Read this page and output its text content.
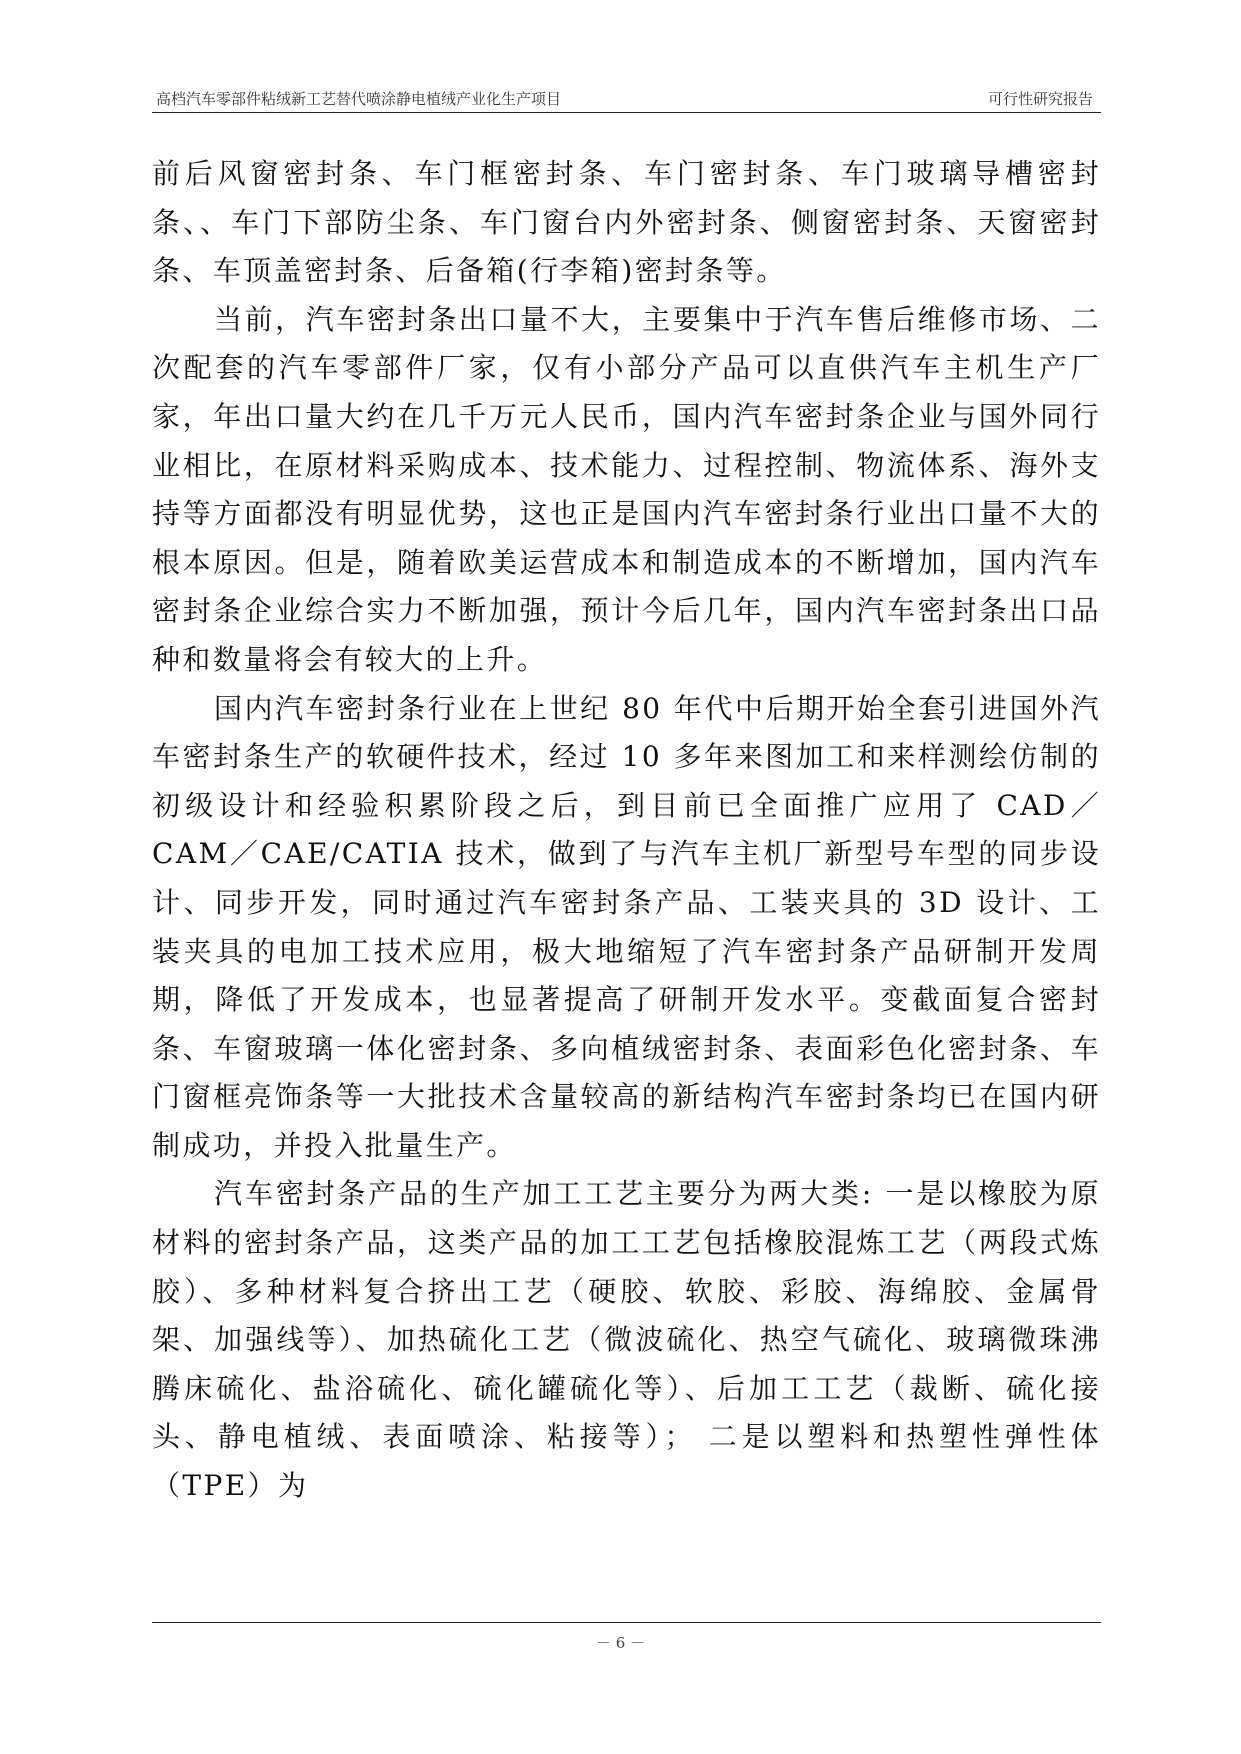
高档汽车零部件粘绒新工艺替代喷涂静电植绒产业化生产项目	可行性研究报告

前后风窗密封条、车门框密封条、车门密封条、车门玻璃导槽密封条、、车门下部防尘条、车门窗台内外密封条、侧窗密封条、天窗密封条、车顶盖密封条、后备箱(行李箱)密封条等。

当前，汽车密封条出口量不大，主要集中于汽车售后维修市场、二次配套的汽车零部件厂家，仅有小部分产品可以直供汽车主机生产厂家，年出口量大约在几千万元人民币，国内汽车密封条企业与国外同行业相比，在原材料采购成本、技术能力、过程控制、物流体系、海外支持等方面都没有明显优势，这也正是国内汽车密封条行业出口量不大的根本原因。但是，随着欧美运营成本和制造成本的不断增加，国内汽车密封条企业综合实力不断加强，预计今后几年，国内汽车密封条出口品种和数量将会有较大的上升。

国内汽车密封条行业在上世纪 80 年代中后期开始全套引进国外汽车密封条生产的软硬件技术，经过 10 多年来图加工和来样测绘仿制的初级设计和经验积累阶段之后，到目前已全面推广应用了 CAD／CAM／CAE/CATIA 技术，做到了与汽车主机厂新型号车型的同步设计、同步开发，同时通过汽车密封条产品、工装夹具的 3D 设计、工装夹具的电加工技术应用，极大地缩短了汽车密封条产品研制开发周期，降低了开发成本，也显著提高了研制开发水平。变截面复合密封条、车窗玻璃一体化密封条、多向植绒密封条、表面彩色化密封条、车门窗框亮饰条等一大批技术含量较高的新结构汽车密封条均已在国内研制成功，并投入批量生产。

汽车密封条产品的生产加工工艺主要分为两大类: 一是以橡胶为原材料的密封条产品，这类产品的加工工艺包括橡胶混炼工艺（两段式炼胶）、多种材料复合挤出工艺（硬胶、软胶、彩胶、海绵胶、金属骨架、加强线等）、加热硫化工艺（微波硫化、热空气硫化、玻璃微珠沸腾床硫化、盐浴硫化、硫化罐硫化等）、后加工工艺（裁断、硫化接头、静电植绒、表面喷涂、粘接等）； 二是以塑料和热塑性弹性体（TPE）为

－ 6 －
